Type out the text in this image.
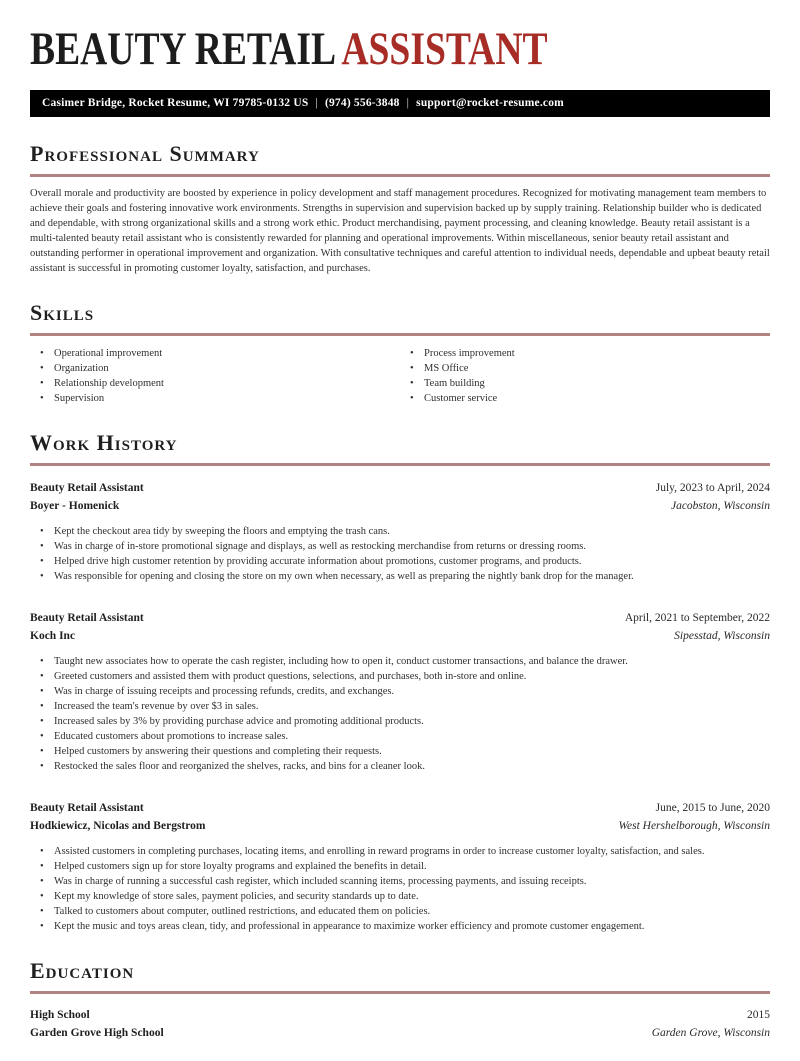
BEAUTY RETAIL ASSISTANT
Casimer Bridge, Rocket Resume, WI 79785-0132 US | (974) 556-3848 | support@rocket-resume.com
Professional Summary

Overall morale and productivity are boosted by experience in policy development and staff management procedures. Recognized for motivating management team members to achieve their goals and fostering innovative work environments. Strengths in supervision and supervision backed up by supply training. Relationship builder who is dedicated and dependable, with strong organizational skills and a strong work ethic. Product merchandising, payment processing, and cleaning knowledge. Beauty retail assistant is a multi-talented beauty retail assistant who is consistently rewarded for planning and operational improvements. Within miscellaneous, senior beauty retail assistant and outstanding performer in operational improvement and organization. With consultative techniques and careful attention to individual needs, dependable and upbeat beauty retail assistant is successful in promoting customer loyalty, satisfaction, and purchases.

Skills
• Operational improvement
• Organization
• Relationship development
• Supervision
• Process improvement
• MS Office
• Team building
• Customer service
Work History
Beauty Retail Assistant	July, 2023 to April, 2024
Boyer - Homenick	Jacobston, Wisconsin
• Kept the checkout area tidy by sweeping the floors and emptying the trash cans.
• Was in charge of in-store promotional signage and displays, as well as restocking merchandise from returns or dressing rooms.
• Helped drive high customer retention by providing accurate information about promotions, customer programs, and products.
• Was responsible for opening and closing the store on my own when necessary, as well as preparing the nightly bank drop for the manager.
Beauty Retail Assistant	April, 2021 to September, 2022
Koch Inc	Sipesstad, Wisconsin
• Taught new associates how to operate the cash register, including how to open it, conduct customer transactions, and balance the drawer.
• Greeted customers and assisted them with product questions, selections, and purchases, both in-store and online.
• Was in charge of issuing receipts and processing refunds, credits, and exchanges.
• Increased the team's revenue by over $3 in sales.
• Increased sales by 3% by providing purchase advice and promoting additional products.
• Educated customers about promotions to increase sales.
• Helped customers by answering their questions and completing their requests.
• Restocked the sales floor and reorganized the shelves, racks, and bins for a cleaner look.
Beauty Retail Assistant	June, 2015 to June, 2020
Hodkiewicz, Nicolas and Bergstrom	West Hershelborough, Wisconsin
• Assisted customers in completing purchases, locating items, and enrolling in reward programs in order to increase customer loyalty, satisfaction, and sales.
• Helped customers sign up for store loyalty programs and explained the benefits in detail.
• Was in charge of running a successful cash register, which included scanning items, processing payments, and issuing receipts.
• Kept my knowledge of store sales, payment policies, and security standards up to date.
• Talked to customers about computer, outlined restrictions, and educated them on policies.
• Kept the music and toys areas clean, tidy, and professional in appearance to maximize worker efficiency and promote customer engagement.
Education
High School	2015
Garden Grove High School	Garden Grove, Wisconsin
